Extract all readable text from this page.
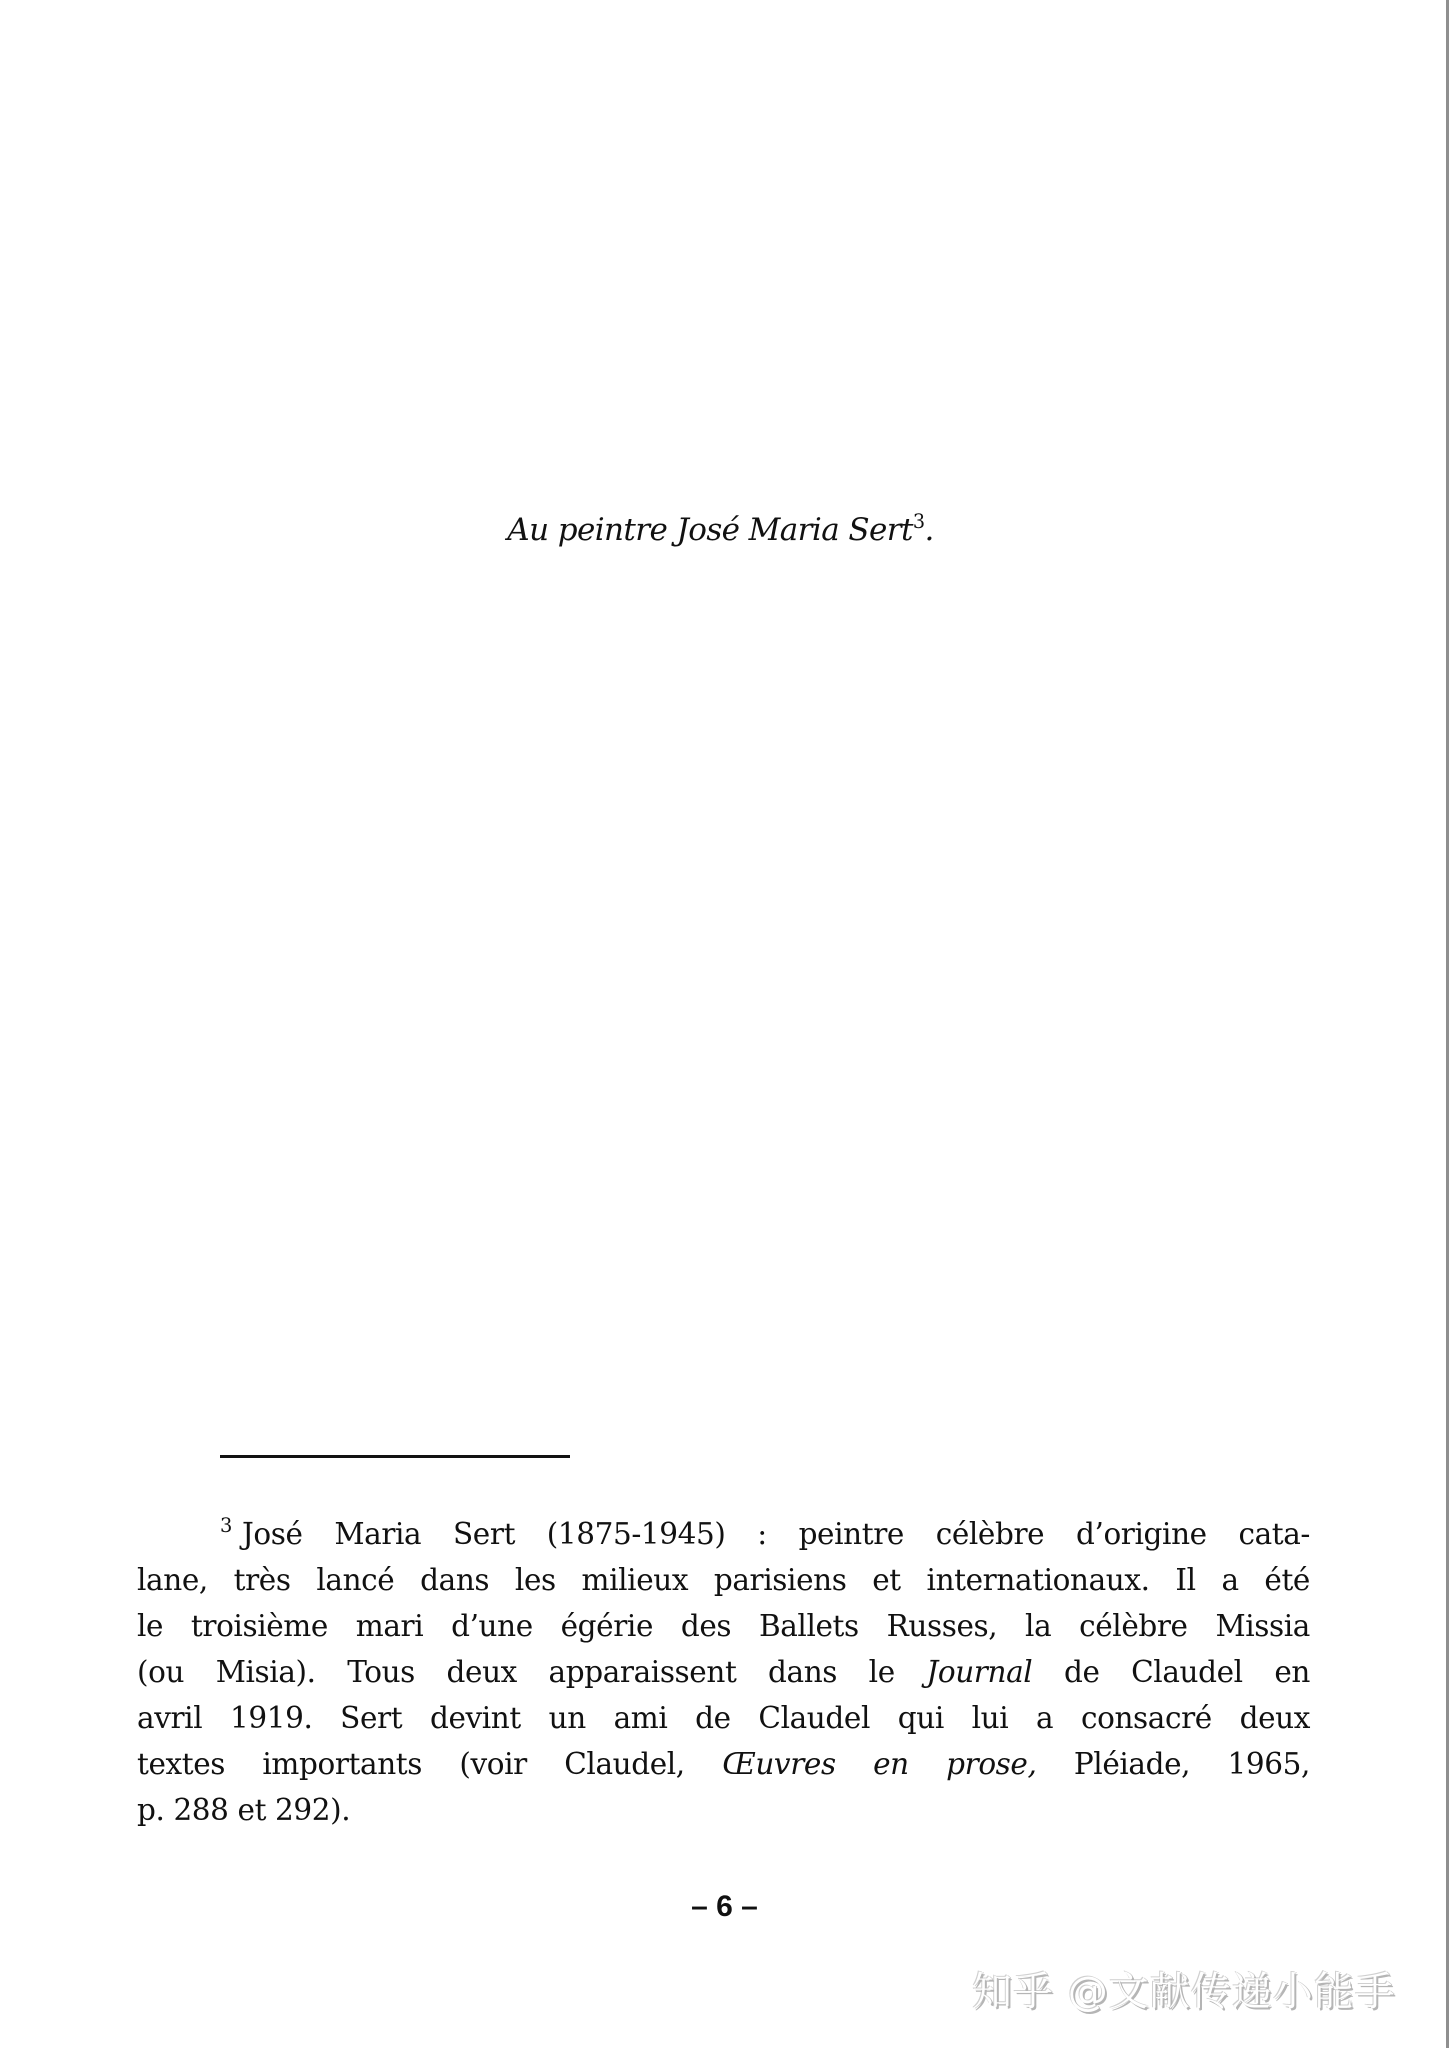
Au peintre José Maria Sert$^3$.
$^3$ José Maria Sert (1875-1945) : peintre célèbre d’origine cata-
lane, très lancé dans les milieux parisiens et internationaux. Il a été
le troisième mari d’une égérie des Ballets Russes, la célèbre Missia
(ou Misia). Tous deux apparaissent dans le Journal de Claudel en
avril 1919. Sert devint un ami de Claudel qui lui a consacré deux
textes importants (voir Claudel, Œuvres en prose, Pléiade, 1965,
p. 288 et 292).
– 6 –
知乎 @文献传递小能手
